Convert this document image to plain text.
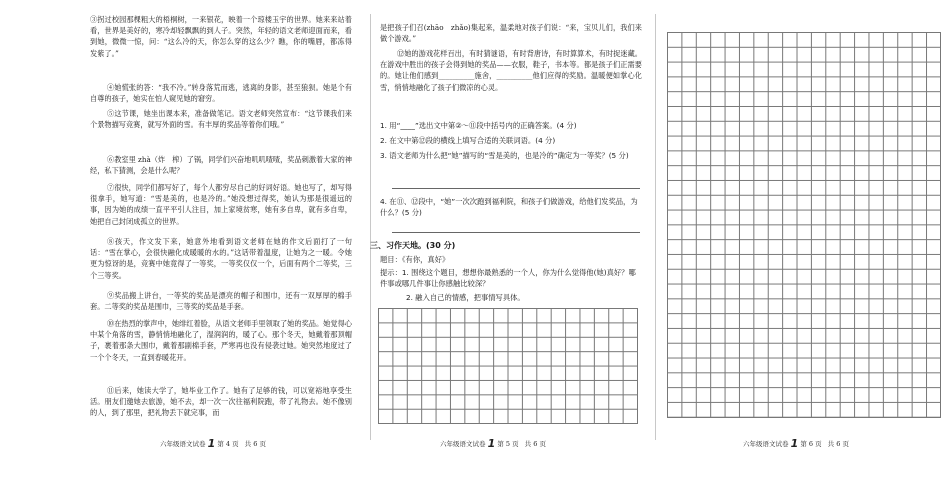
③拐过校园那棵粗大的梧桐树，一来银花，映着一个琼楼玉宇的世界。她来来站着看，世界是美好的，寒冷却轻飘飘的到人子。突然，年轻的语文老师迎面而来，看到她，微微一惊，问：“这么冷的天，你怎么穿的这么少？瞧，你的嘴唇，都冻得发紫了。”

④她慌张的答：“我不冷。”转身落荒而逃，逃离的身影，甚至狼狈。她是个有自尊的孩子，她实在怕人窥见她的窘穷。

⑤这节课，她坐出课本来，准备做笔记。语文老师突然宣布：“这节课我们来个景物描写竞赛，就写外面的雪。有丰厚的奖品等着你们哦。”

⑥教室里 zhà（炸　榨）了锅，同学们兴奋地叽叽喳喳，奖品刺激着大家的神经，私下猜测，会是什么呢？

⑦很快，同学们都写好了，每个人都穷尽自己的好词好语。她也写了，却写得很拿手，她写道：“雪是美的，也是冷的。”她没想过得奖，她认为那是很遥远的事，因为她的成绩一直平平引人注目，加上家境贫寒，她有多自卑，就有多自卑，她把自己封闭成孤立的世界。

⑧孩天，作文发下来，她意外地看到语文老师在她的作文后面打了一句话：“雪在掌心，会很快融化成暖暖的水的。”这话带着温度，让她为之一暖。令她更为惊讶的是，竞赛中她竟得了一等奖，一等奖仅仅一个，后面有两个二等奖，三个三等奖。

⑨奖品搬上讲台，一等奖的奖品是漂亮的帽子和围巾，还有一双厚厚的棉手套。二等奖的奖品是围巾，三等奖的奖品是手套。

⑩在热烈的掌声中，她绯红着脸，从语文老师手里领取了她的奖品。她觉得心中某个角落的雪，静悄悄地融化了，湿润润的，暖了心。那个冬天，她戴着那顶帽子，裹着那条大围巾，戴着那副棉手套，严寒再也没有侵袭过她。她突然地度过了一个个冬天，一直到春暖花开。

⑪后来，她读大学了，她毕业工作了。她有了足够的钱，可以宽裕地享受生活。朋友们邀她去旅游，她不去，却一次一次往福利院跑，带了礼物去。她不像别的人，到了那里，把礼物丢下就完事，而

六年级语文试卷 1 第 4 页 共 6 页

是把孩子们召(zhāo　zhǎo)集起来，温柔地对孩子们说：“来，宝贝儿们，我们来做个游戏。”

⑫她的游戏花样百出，有时猜谜语，有时背唐诗，有时算算术，有时捉迷藏。在游戏中胜出的孩子会得到她的奖品——衣服，鞋子，书本等。都是孩子们正需要的。她让他们感到__________施舍，__________他们应得的奖励。温暖便如掌心化雪，悄悄地融化了孩子们微凉的心灵。

1. 用“____”选出文中第②～⑪段中括号内的正确答案。(4 分)

2. 在文中第⑫段的横线上填写合适的关联词语。(4 分)

3. 语文老师为什么把“她”描写的“雪是美的，也是冷的”确定为一等奖？(5 分)

4. 在⑪、⑫段中，“她”一次次跑到福利院，和孩子们做游戏，给他们发奖品，为什么？(5 分)

三、习作天地。(30 分)

题目：《有你，真好》

提示：1. 围绕这个题目，想想你最熟悉的一个人，你为什么觉得他(她)真好？哪件事或哪几件事让你感触比较深？

2. 融入自己的情感，把事情写具体。

六年级语文试卷 1 第 5 页 共 6 页	六年级语文试卷 1 第 6 页 共 6 页
